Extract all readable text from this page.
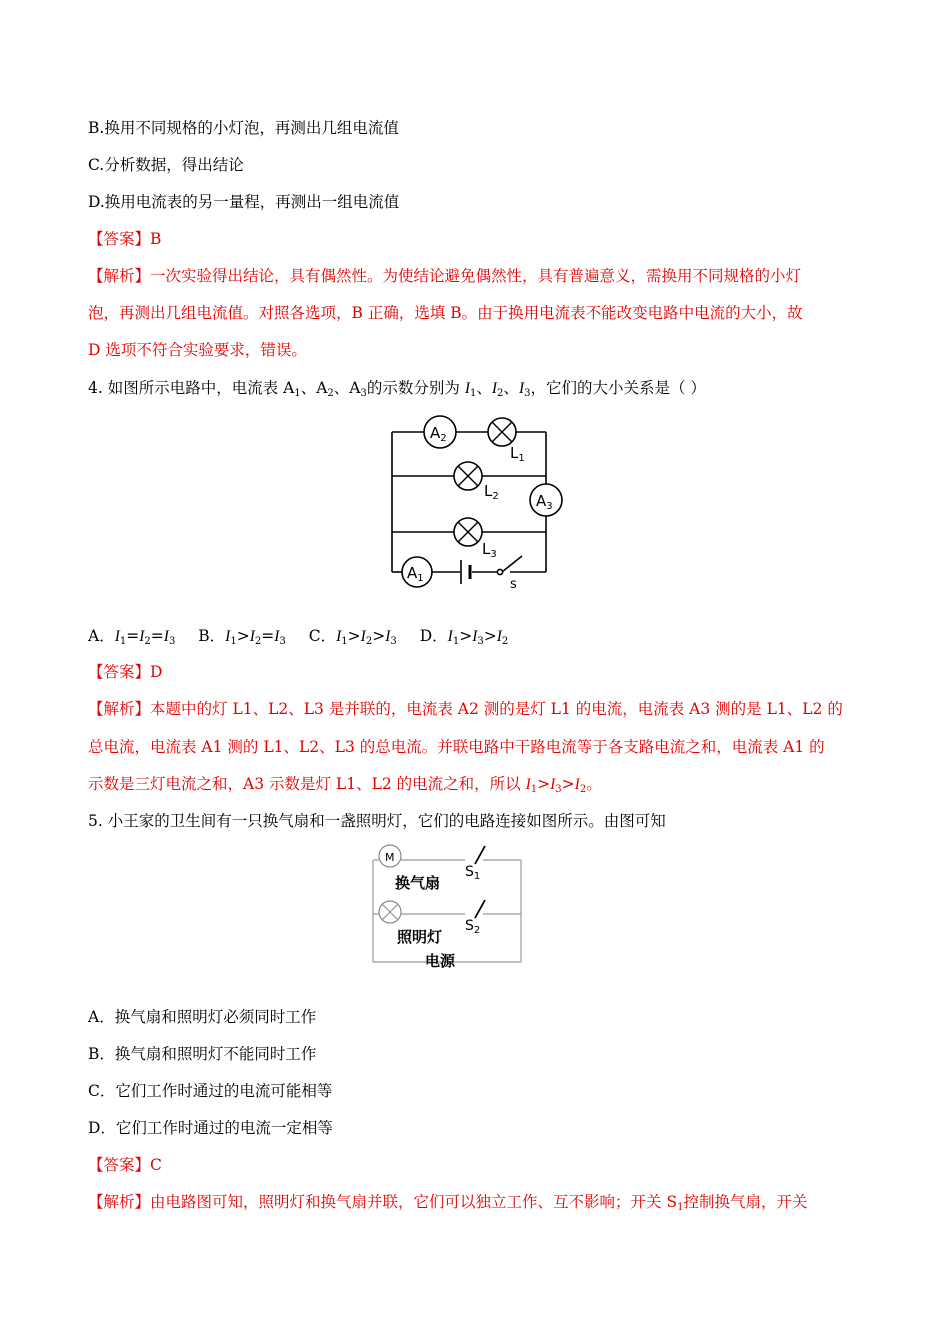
B.换用不同规格的小灯泡，再测出几组电流值
C.分析数据，得出结论
D.换用电流表的另一量程，再测出一组电流值
【答案】B
【解析】一次实验得出结论，具有偶然性。为使结论避免偶然性，具有普遍意义，需换用不同规格的小灯
泡，再测出几组电流值。对照各选项，B 正确，选填 B。由于换用电流表不能改变电路中电流的大小，故
D 选项不符合实验要求，错误。
4. 如图所示电路中，电流表 $A_1$、$A_2$、$A_3$的示数分别为 $I_1$、$I_2$、$I_3$，它们的大小关系是（ ）
$A_2$
$A_3$
$A_1$
$L_1$
$L_2$
$L_3$
s
A．$I_1=I_2=I_3$ B．$I_1>I_2=I_3$ C．$I_1>I_2>I_3$ D．$I_1>I_3>I_2$
【答案】D
【解析】本题中的灯 L1、L2、L3 是并联的，电流表 A2 测的是灯 L1 的电流，电流表 A3 测的是 L1、L2 的
总电流，电流表 A1 测的 L1、L2、L3 的总电流。并联电路中干路电流等于各支路电流之和，电流表 A1 的
示数是三灯电流之和，A3 示数是灯 L1、L2 的电流之和，所以 $I_1>I_3>I_2$。
5. 小王家的卫生间有一只换气扇和一盏照明灯，它们的电路连接如图所示。由图可知
M
换气扇
$S_1$
照明灯
$S_2$
电源
A．换气扇和照明灯必须同时工作
B．换气扇和照明灯不能同时工作
C．它们工作时通过的电流可能相等
D．它们工作时通过的电流一定相等
【答案】C
【解析】由电路图可知，照明灯和换气扇并联，它们可以独立工作、互不影响；开关 $S_1$控制换气扇，开关
